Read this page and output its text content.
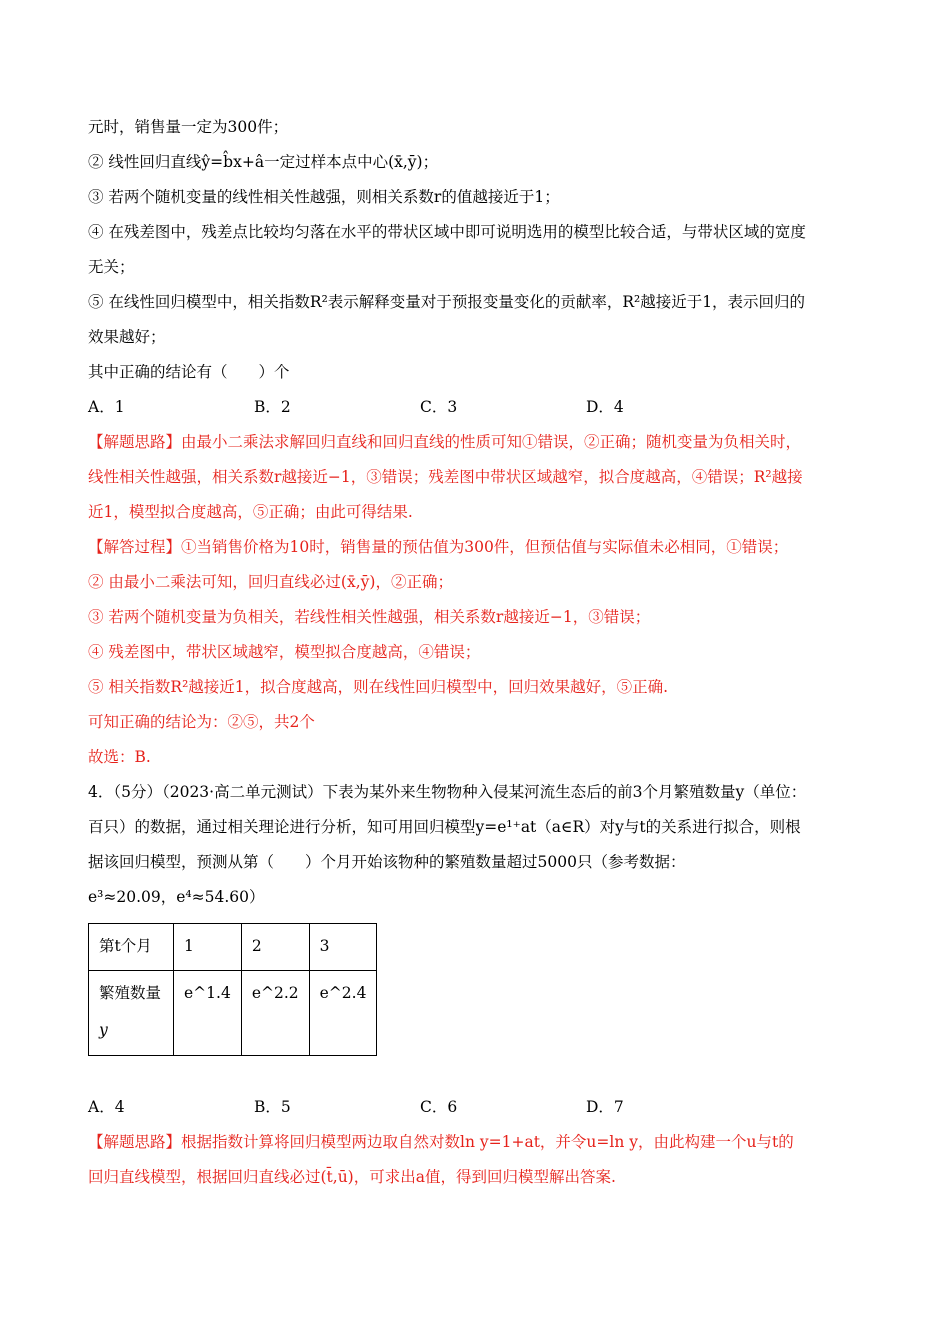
元时，销售量一定为300件；
② 线性回归直线ŷ=b̂x+â一定过样本点中心(x̄,ȳ)；
③ 若两个随机变量的线性相关性越强，则相关系数r的值越接近于1；
④ 在残差图中，残差点比较均匀落在水平的带状区域中即可说明选用的模型比较合适，与带状区域的宽度
无关；
⑤ 在线性回归模型中，相关指数R²表示解释变量对于预报变量变化的贡献率，R²越接近于1，表示回归的
效果越好；
其中正确的结论有（　　）个
A．1	B．2	C．3	D．4
【解题思路】由最小二乘法求解回归直线和回归直线的性质可知①错误，②正确；随机变量为负相关时，
线性相关性越强，相关系数r越接近−1，③错误；残差图中带状区域越窄，拟合度越高，④错误；R²越接
近1，模型拟合度越高，⑤正确；由此可得结果.
【解答过程】①当销售价格为10时，销售量的预估值为300件，但预估值与实际值未必相同，①错误；
② 由最小二乘法可知，回归直线必过(x̄,ȳ)，②正确；
③ 若两个随机变量为负相关，若线性相关性越强，相关系数r越接近−1，③错误；
④ 残差图中，带状区域越窄，模型拟合度越高，④错误；
⑤ 相关指数R²越接近1，拟合度越高，则在线性回归模型中，回归效果越好，⑤正确.
可知正确的结论为：②⑤，共2个
故选：B.
4．（5分）（2023·高二单元测试）下表为某外来生物物种入侵某河流生态后的前3个月繁殖数量y（单位：
百只）的数据，通过相关理论进行分析，知可用回归模型y=e¹⁺at（a∈R）对y与t的关系进行拟合，则根
据该回归模型，预测从第（　　）个月开始该物种的繁殖数量超过5000只（参考数据：
e³≈20.09，e⁴≈54.60）
第t个月	1	2	3

繁殖数量
y	e^1.4	e^2.2	e^2.4
A．4	B．5	C．6	D．7
【解题思路】根据指数计算将回归模型两边取自然对数ln y=1+at，并令u=ln y，由此构建一个u与t的
回归直线模型，根据回归直线必过(t̄,ū)，可求出a值，得到回归模型解出答案.
